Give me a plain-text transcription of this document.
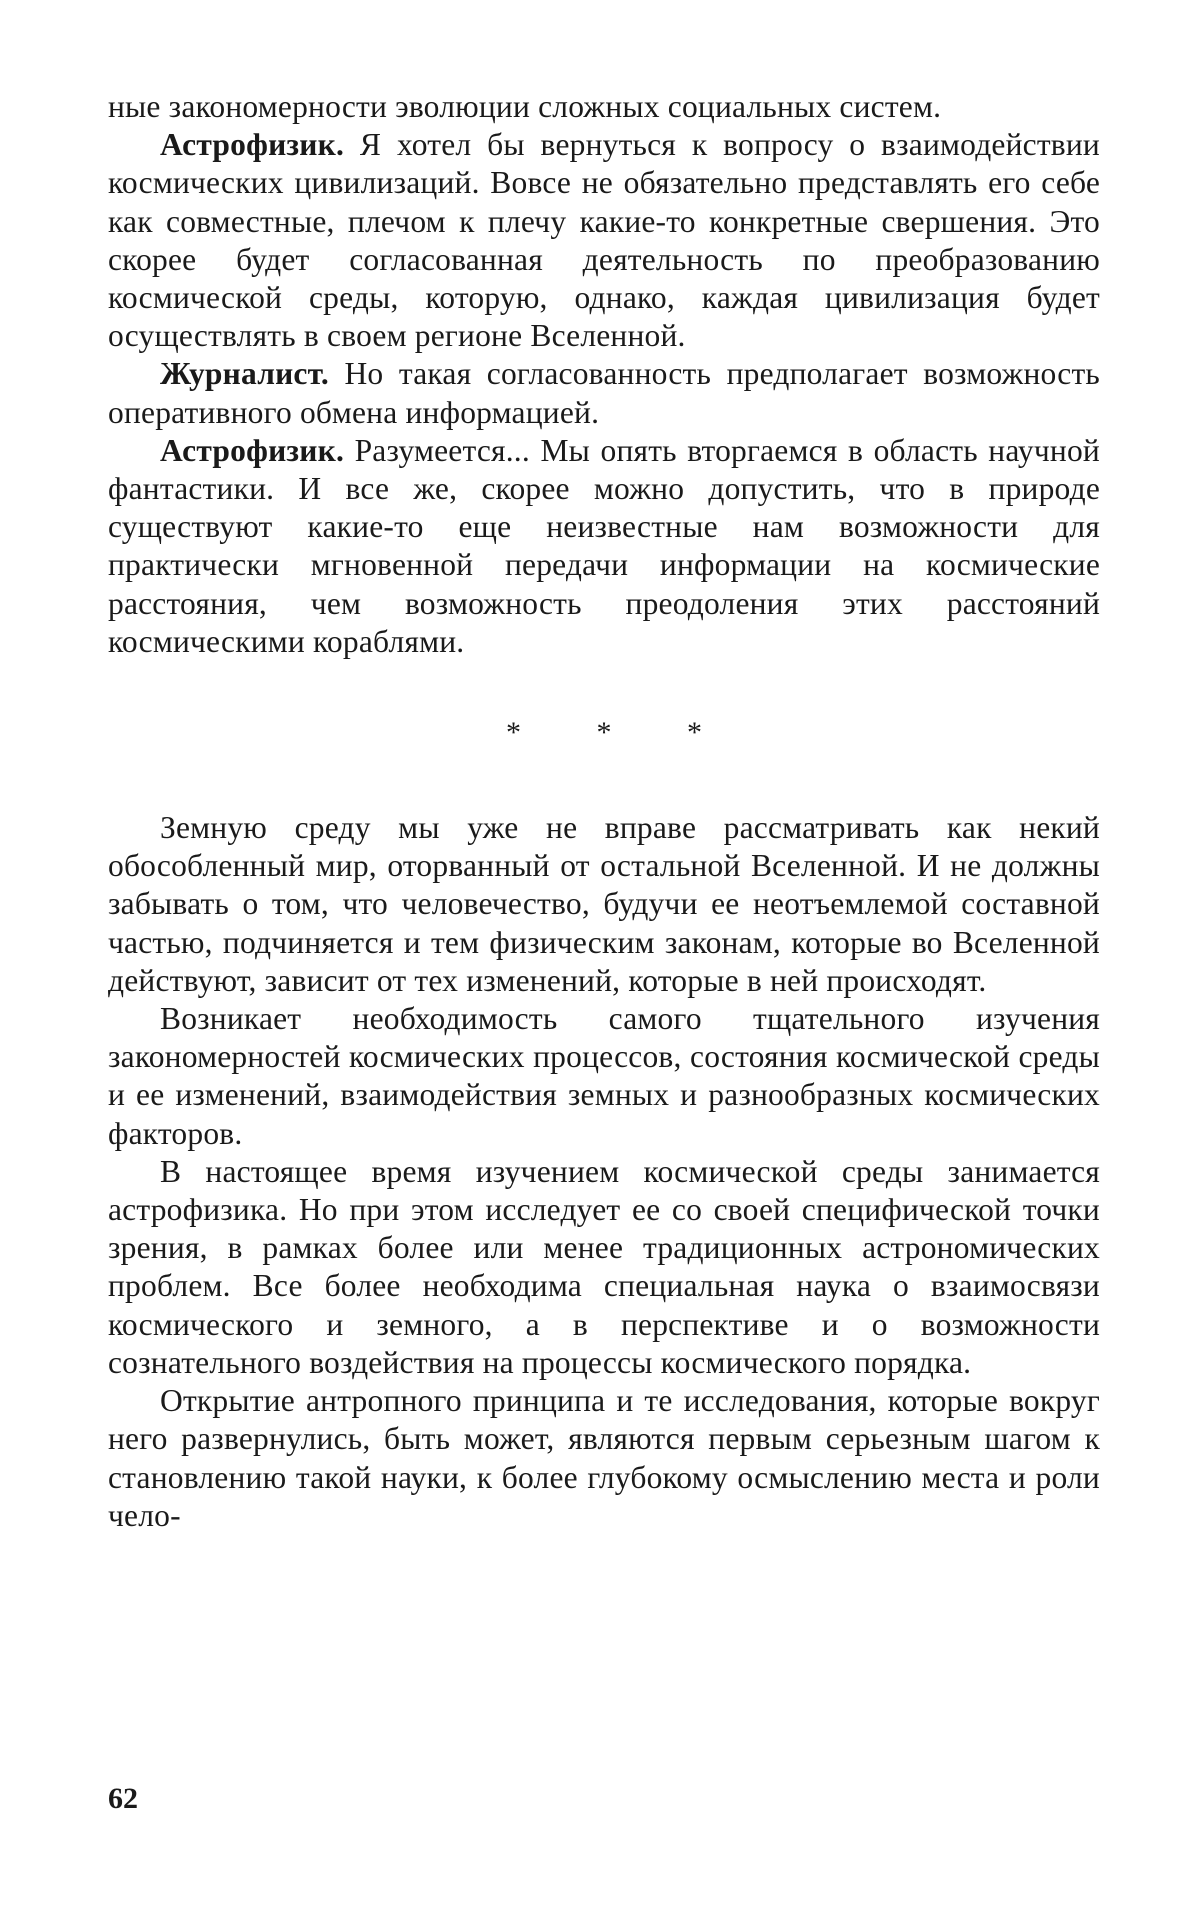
ные закономерности эволюции сложных социальных систем.

Астрофизик. Я хотел бы вернуться к вопросу о взаимодействии космических цивилизаций. Вовсе не обязательно представлять его себе как совместные, плечом к плечу какие-то конкретные свершения. Это скорее будет согласованная деятельность по преобразованию космической среды, которую, однако, каждая цивилизация будет осуществлять в своем регионе Вселенной.

Журналист. Но такая согласованность предполагает возможность оперативного обмена информацией.

Астрофизик. Разумеется... Мы опять вторгаемся в область научной фантастики. И все же, скорее можно допустить, что в природе существуют какие-то еще неизвестные нам возможности для практически мгновенной передачи информации на космические расстояния, чем возможность преодоления этих расстояний космическими кораблями.

* * *

Земную среду мы уже не вправе рассматривать как некий обособленный мир, оторванный от остальной Вселенной. И не должны забывать о том, что человечество, будучи ее неотъемлемой составной частью, подчиняется и тем физическим законам, которые во Вселенной действуют, зависит от тех изменений, которые в ней происходят.

Возникает необходимость самого тщательного изучения закономерностей космических процессов, состояния космической среды и ее изменений, взаимодействия земных и разнообразных космических факторов.

В настоящее время изучением космической среды занимается астрофизика. Но при этом исследует ее со своей специфической точки зрения, в рамках более или менее традиционных астрономических проблем. Все более необходима специальная наука о взаимосвязи космического и земного, а в перспективе и о возможности сознательного воздействия на процессы космического порядка.

Открытие антропного принципа и те исследования, которые вокруг него развернулись, быть может, являются первым серьезным шагом к становлению такой науки, к более глубокому осмыслению места и роли чело-

62
